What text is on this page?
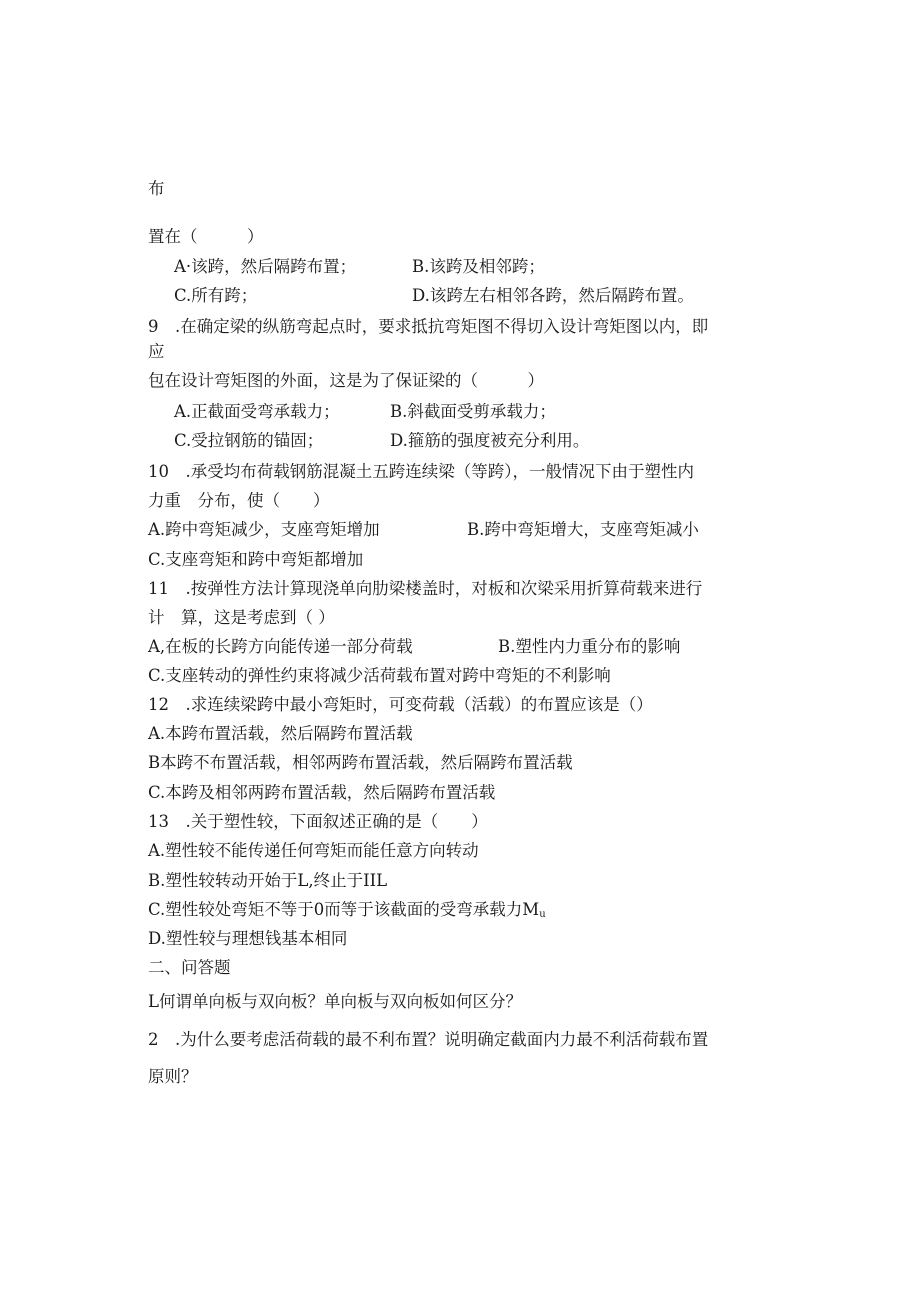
布
置在（　　　）
A·该跨，然后隔跨布置；	B.该跨及相邻跨；
C.所有跨；	D.该跨左右相邻各跨，然后隔跨布置。
9　.在确定梁的纵筋弯起点时，要求抵抗弯矩图不得切入设计弯矩图以内，即
应
包在设计弯矩图的外面，这是为了保证梁的（　　　）
A.正截面受弯承载力；	B.斜截面受剪承载力；
C.受拉钢筋的锚固；	D.箍筋的强度被充分利用。
10　.承受均布荷载钢筋混凝土五跨连续梁（等跨），一般情况下由于塑性内
力重　分布，使（　　）
A.跨中弯矩减少，支座弯矩增加	B.跨中弯矩增大，支座弯矩减小
C.支座弯矩和跨中弯矩都增加
11　.按弹性方法计算现浇单向肋梁楼盖时，对板和次梁采用折算荷载来进行
计　算，这是考虑到（ ）
A,在板的长跨方向能传递一部分荷载	B.塑性内力重分布的影响
C.支座转动的弹性约束将减少活荷载布置对跨中弯矩的不利影响
12　.求连续梁跨中最小弯矩时，可变荷载（活载）的布置应该是（）
A.本跨布置活载，然后隔跨布置活载
B本跨不布置活载，相邻两跨布置活载，然后隔跨布置活载
C.本跨及相邻两跨布置活载，然后隔跨布置活载
13　.关于塑性较，下面叙述正确的是（　　）
A.塑性较不能传递任何弯矩而能任意方向转动
B.塑性较转动开始于L,终止于IIL
C.塑性较处弯矩不等于0而等于该截面的受弯承载力$M_u$
D.塑性较与理想钱基本相同
二、问答题
L何谓单向板与双向板？单向板与双向板如何区分？
2　.为什么要考虑活荷载的最不利布置？说明确定截面内力最不利活荷载布置
原则？
